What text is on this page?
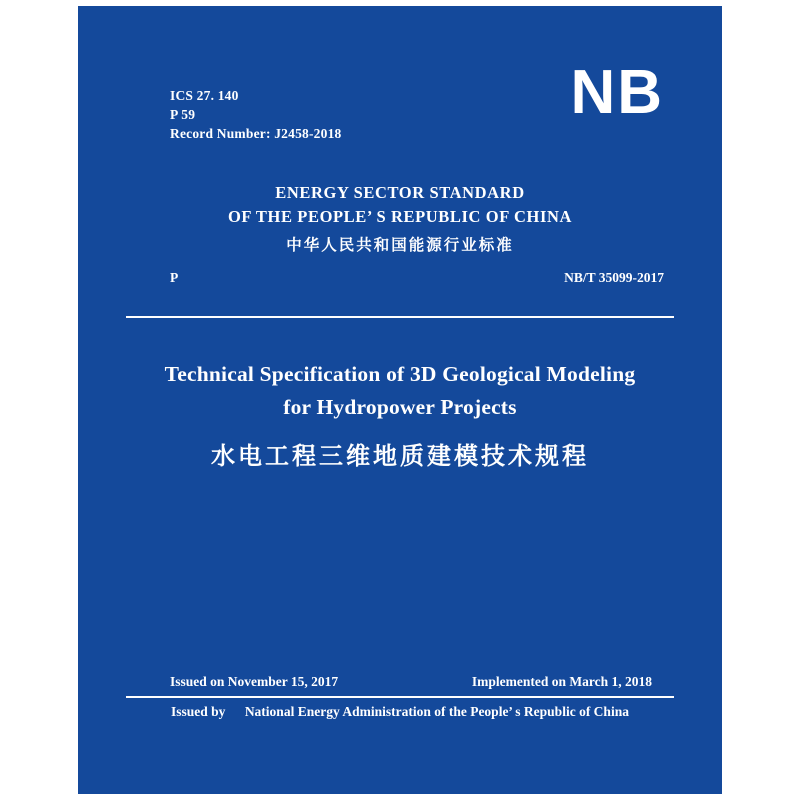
ICS 27. 140
P 59
Record Number: J2458-2018
NB
ENERGY SECTOR STANDARD
OF THE PEOPLE’ S REPUBLIC OF CHINA
中华人民共和国能源行业标准
P	NB/T 35099-2017
Technical Specification of 3D Geological Modeling
for Hydropower Projects
水电工程三维地质建模技术规程
Issued on November 15, 2017	Implemented on March 1, 2018
Issued by National Energy Administration of the People’ s Republic of China
